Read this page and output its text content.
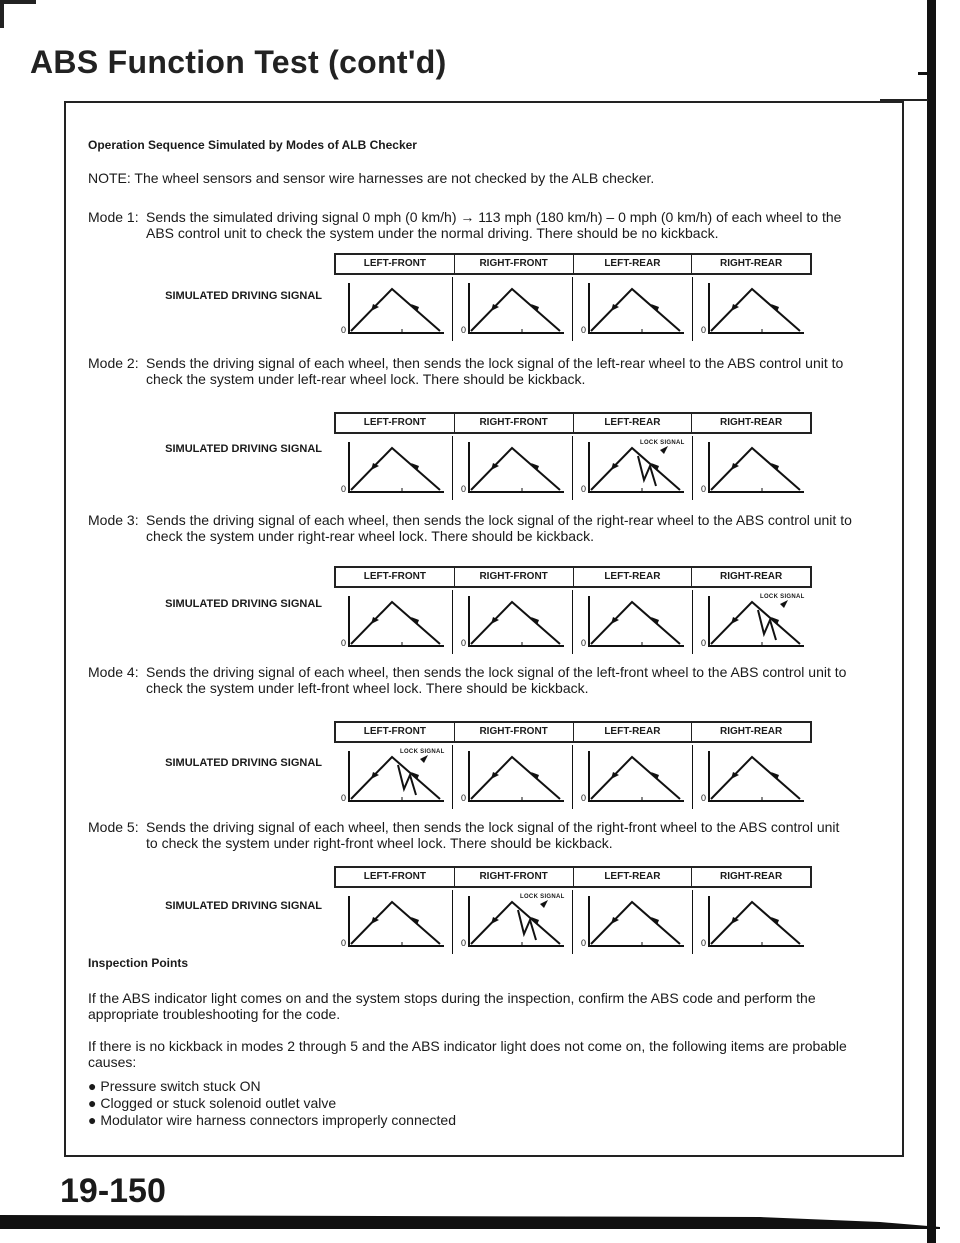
ABS Function Test (cont'd)
Operation Sequence Simulated by Modes of ALB Checker
NOTE: The wheel sensors and sensor wire harnesses are not checked by the ALB checker.
Mode 1: Sends the simulated driving signal 0 mph (0 km/h) → 113 mph (180 km/h) – 0 mph (0 km/h) of each wheel to the ABS control unit to check the system under the normal driving. There should be no kickback.
SIMULATED DRIVING SIGNAL
LEFT-FRONT	RIGHT-FRONT	LEFT-REAR	RIGHT-REAR
0	0	0	0
Mode 2: Sends the driving signal of each wheel, then sends the lock signal of the left-rear wheel to the ABS control unit to check the system under left-rear wheel lock. There should be kickback.
SIMULATED DRIVING SIGNAL
LEFT-FRONT	RIGHT-FRONT	LEFT-REAR	RIGHT-REAR
0	0	0
LOCK SIGNAL
0
Mode 3: Sends the driving signal of each wheel, then sends the lock signal of the right-rear wheel to the ABS control unit to check the system under right-rear wheel lock. There should be kickback.
SIMULATED DRIVING SIGNAL
LEFT-FRONT	RIGHT-FRONT	LEFT-REAR	RIGHT-REAR
0	0	0	0
LOCK SIGNAL
Mode 4: Sends the driving signal of each wheel, then sends the lock signal of the left-front wheel to the ABS control unit to check the system under left-front wheel lock. There should be kickback.
SIMULATED DRIVING SIGNAL
LEFT-FRONT	RIGHT-FRONT	LEFT-REAR	RIGHT-REAR
0
LOCK SIGNAL
0	0	0
Mode 5: Sends the driving signal of each wheel, then sends the lock signal of the right-front wheel to the ABS control unit to check the system under right-front wheel lock. There should be kickback.
SIMULATED DRIVING SIGNAL
LEFT-FRONT	RIGHT-FRONT	LEFT-REAR	RIGHT-REAR
0	0
LOCK SIGNAL
0	0
Inspection Points
If the ABS indicator light comes on and the system stops during the inspection, confirm the ABS code and perform the appropriate troubleshooting for the code.
If there is no kickback in modes 2 through 5 and the ABS indicator light does not come on, the following items are probable causes:
● Pressure switch stuck ON
● Clogged or stuck solenoid outlet valve
● Modulator wire harness connectors improperly connected
19-150
